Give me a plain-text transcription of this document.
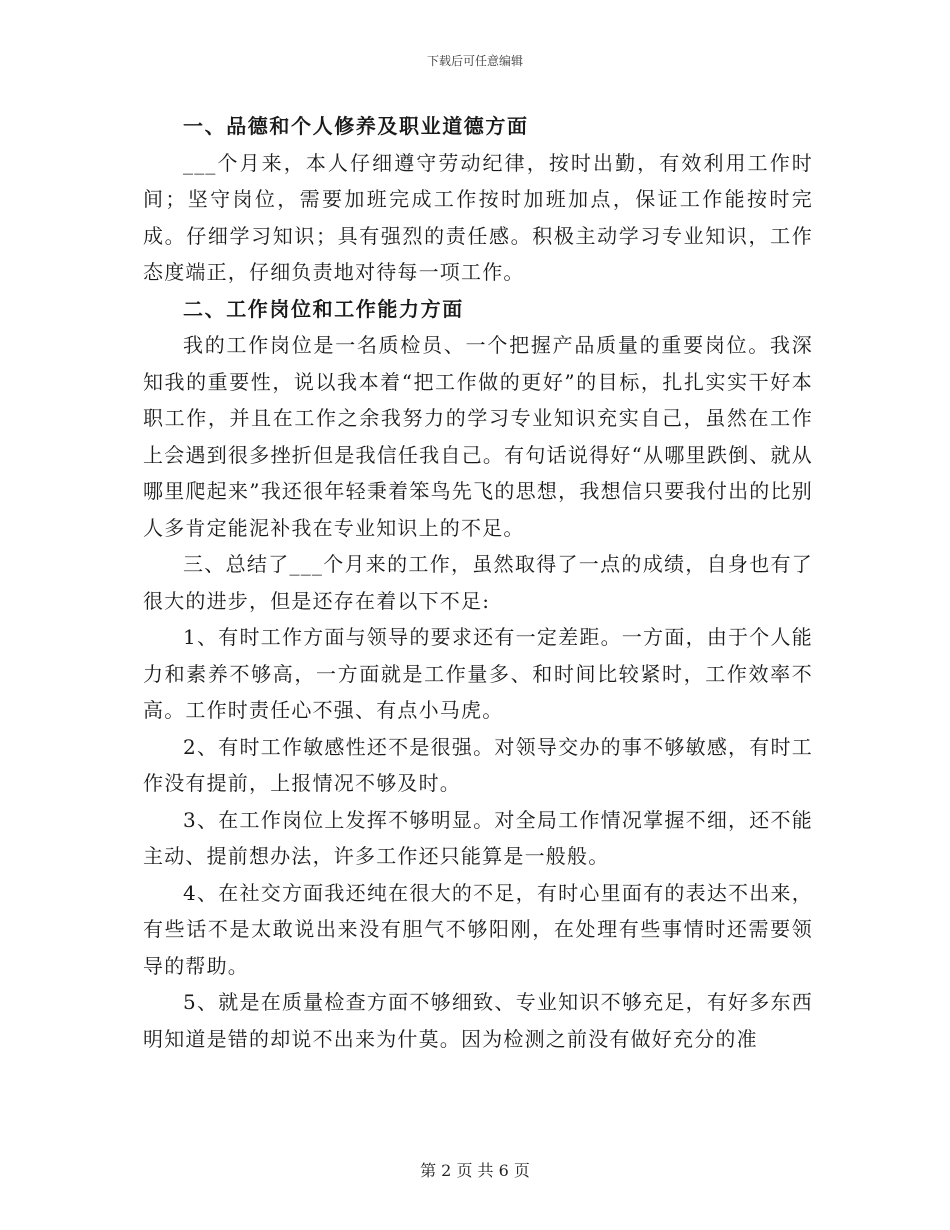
下载后可任意编辑

一、品德和个人修养及职业道德方面

___个月来，本人仔细遵守劳动纪律，按时出勤，有效利用工作时间；坚守岗位，需要加班完成工作按时加班加点，保证工作能按时完成。仔细学习知识；具有强烈的责任感。积极主动学习专业知识，工作态度端正，仔细负责地对待每一项工作。

二、工作岗位和工作能力方面

我的工作岗位是一名质检员、一个把握产品质量的重要岗位。我深知我的重要性，说以我本着“把工作做的更好”的目标，扎扎实实干好本职工作，并且在工作之余我努力的学习专业知识充实自己，虽然在工作上会遇到很多挫折但是我信任我自己。有句话说得好“从哪里跌倒、就从哪里爬起来”我还很年轻秉着笨鸟先飞的思想，我想信只要我付出的比别人多肯定能泥补我在专业知识上的不足。

三、总结了___个月来的工作，虽然取得了一点的成绩，自身也有了很大的进步，但是还存在着以下不足:

1、有时工作方面与领导的要求还有一定差距。一方面，由于个人能力和素养不够高，一方面就是工作量多、和时间比较紧时，工作效率不高。工作时责任心不强、有点小马虎。

2、有时工作敏感性还不是很强。对领导交办的事不够敏感，有时工作没有提前，上报情况不够及时。

3、在工作岗位上发挥不够明显。对全局工作情况掌握不细，还不能主动、提前想办法，许多工作还只能算是一般般。

4、在社交方面我还纯在很大的不足，有时心里面有的表达不出来，有些话不是太敢说出来没有胆气不够阳刚，在处理有些事情时还需要领导的帮助。

5、就是在质量检查方面不够细致、专业知识不够充足，有好多东西明知道是错的却说不出来为什莫。因为检测之前没有做好充分的准

第 2 页 共 6 页
